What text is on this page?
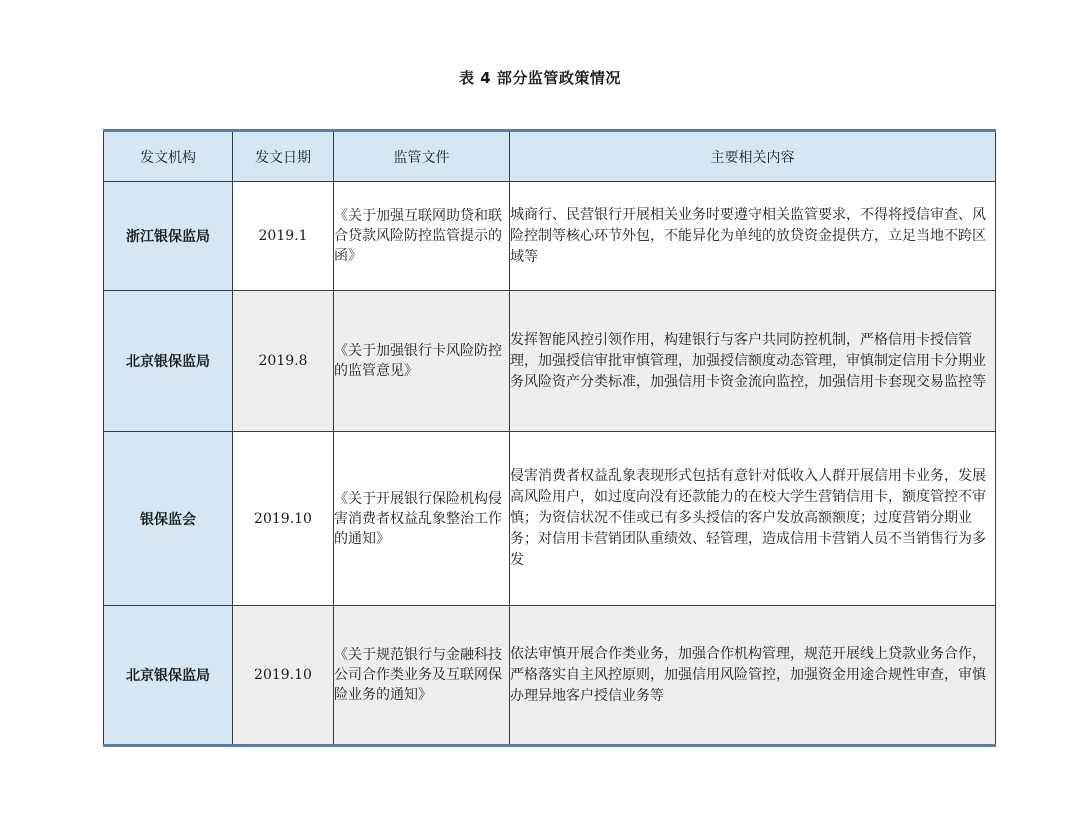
表 4 部分监管政策情况
发文机构	发文日期	监管文件	主要相关内容
浙江银保监局	2019.1	《关于加强互联网助贷和联合贷款风险防控监管提示的函》	城商行、民营银行开展相关业务时要遵守相关监管要求，不得将授信审查、风险控制等核心环节外包，不能异化为单纯的放贷资金提供方，立足当地不跨区域等
北京银保监局	2019.8	《关于加强银行卡风险防控的监管意见》	发挥智能风控引领作用，构建银行与客户共同防控机制，严格信用卡授信管理，加强授信审批审慎管理，加强授信额度动态管理，审慎制定信用卡分期业务风险资产分类标准，加强信用卡资金流向监控，加强信用卡套现交易监控等
银保监会	2019.10	《关于开展银行保险机构侵害消费者权益乱象整治工作的通知》	侵害消费者权益乱象表现形式包括有意针对低收入人群开展信用卡业务，发展高风险用户，如过度向没有还款能力的在校大学生营销信用卡，额度管控不审慎；为资信状况不佳或已有多头授信的客户发放高额额度；过度营销分期业务；对信用卡营销团队重绩效、轻管理，造成信用卡营销人员不当销售行为多发
北京银保监局	2019.10	《关于规范银行与金融科技公司合作类业务及互联网保险业务的通知》	依法审慎开展合作类业务，加强合作机构管理，规范开展线上贷款业务合作，严格落实自主风控原则，加强信用风险管控，加强资金用途合规性审查，审慎办理异地客户授信业务等
